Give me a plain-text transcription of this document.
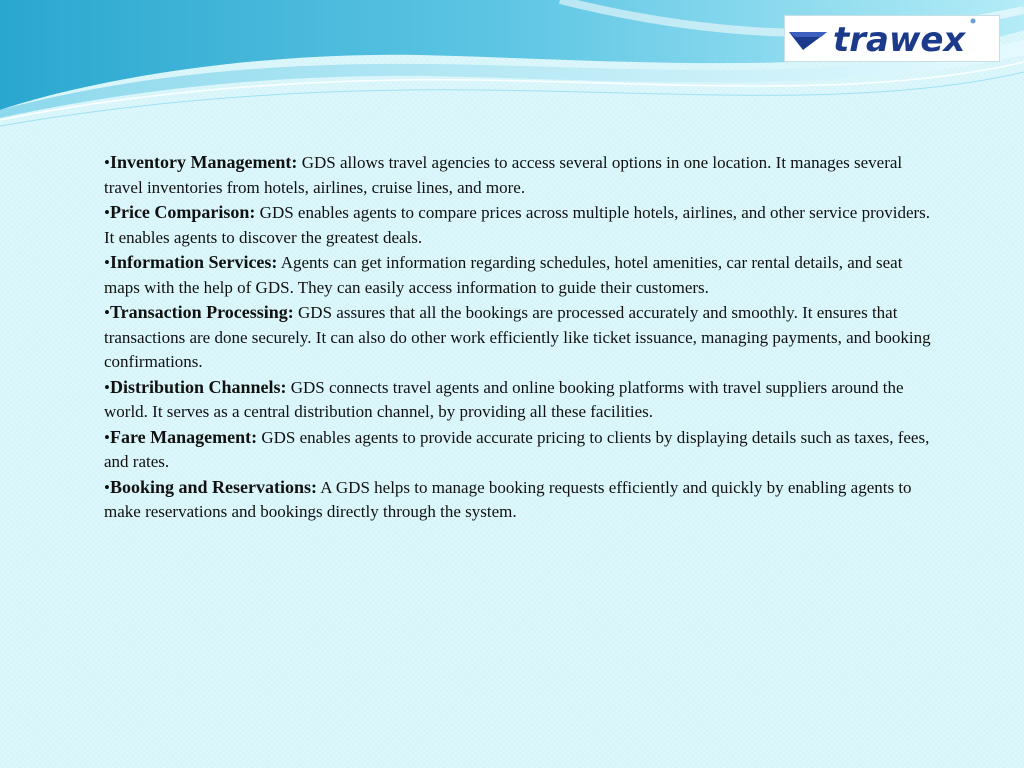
trawex

•Inventory Management: GDS allows travel agencies to access several options in one location. It manages several travel inventories from hotels, airlines, cruise lines, and more.

•Price Comparison: GDS enables agents to compare prices across multiple hotels, airlines, and other service providers. It enables agents to discover the greatest deals.

•Information Services: Agents can get information regarding schedules, hotel amenities, car rental details, and seat maps with the help of GDS. They can easily access information to guide their customers.

•Transaction Processing: GDS assures that all the bookings are processed accurately and smoothly. It ensures that transactions are done securely. It can also do other work efficiently like ticket issuance, managing payments, and booking confirmations.

•Distribution Channels: GDS connects travel agents and online booking platforms with travel suppliers around the world. It serves as a central distribution channel, by providing all these facilities.

•Fare Management: GDS enables agents to provide accurate pricing to clients by displaying details such as taxes, fees, and rates.

•Booking and Reservations: A GDS helps to manage booking requests efficiently and quickly by enabling agents to make reservations and bookings directly through the system.
